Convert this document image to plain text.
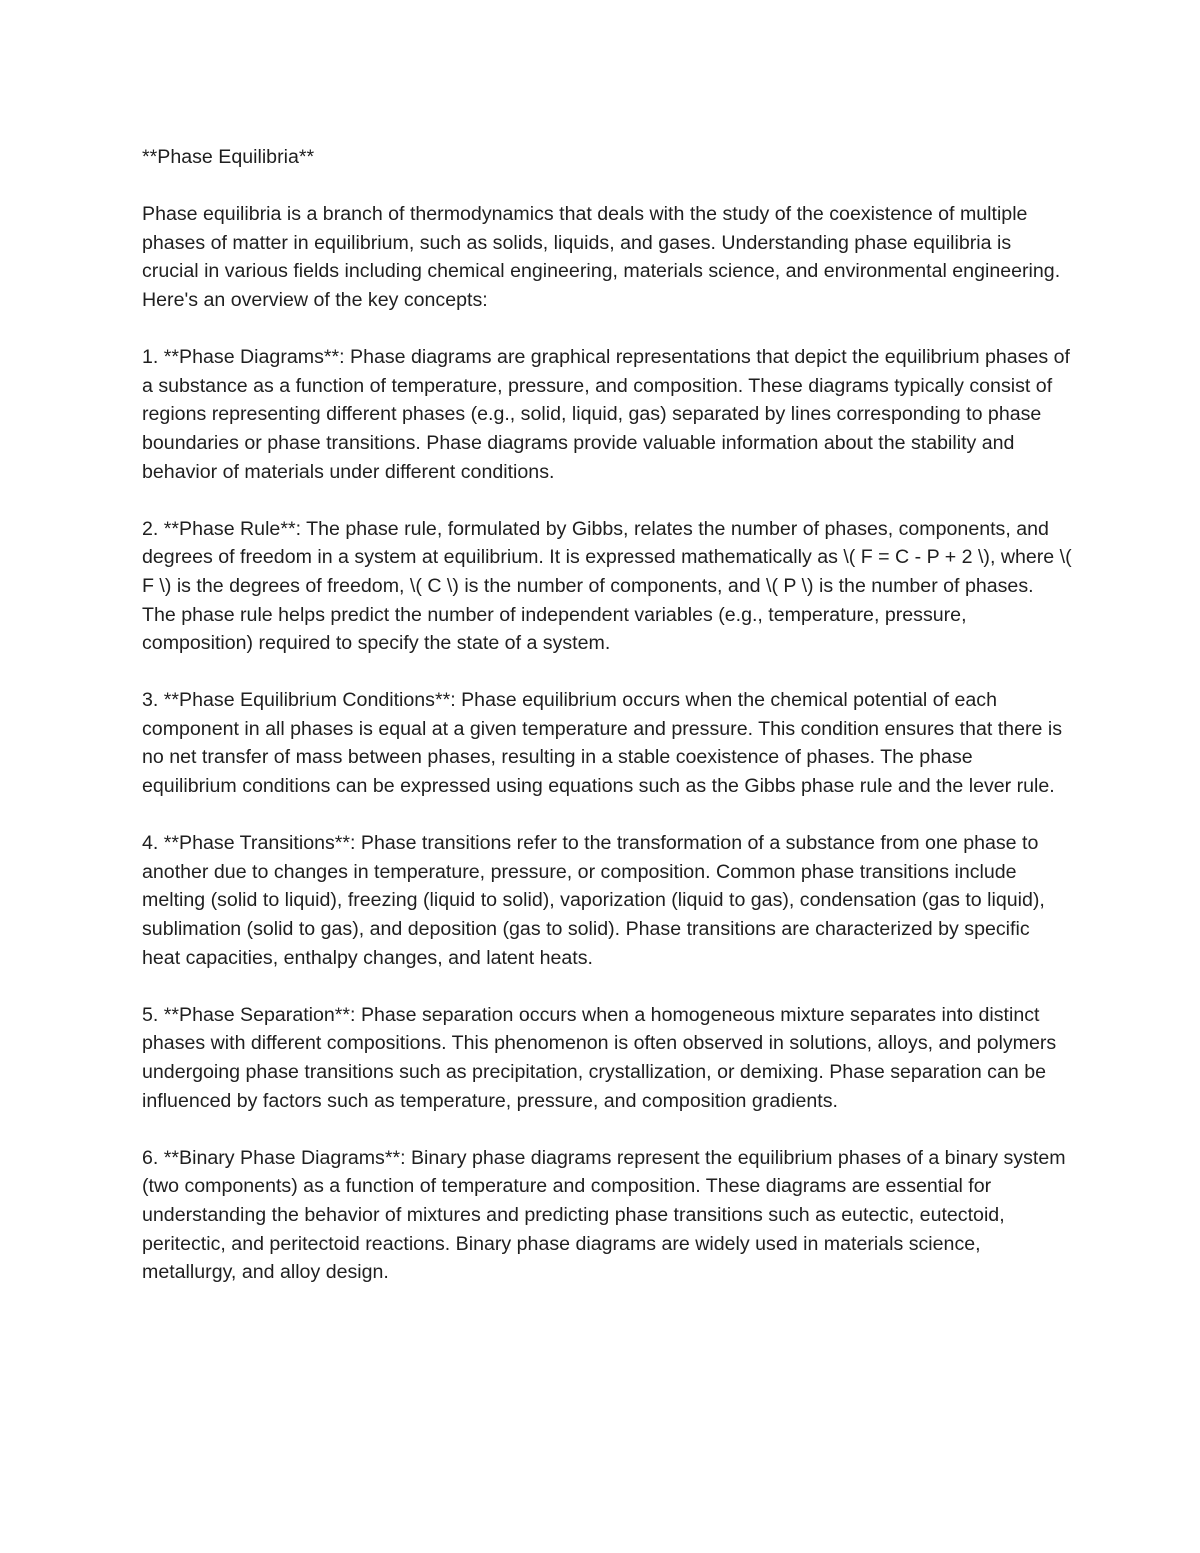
**Phase Equilibria**

Phase equilibria is a branch of thermodynamics that deals with the study of the coexistence of multiple phases of matter in equilibrium, such as solids, liquids, and gases. Understanding phase equilibria is crucial in various fields including chemical engineering, materials science, and environmental engineering. Here's an overview of the key concepts:

1. **Phase Diagrams**: Phase diagrams are graphical representations that depict the equilibrium phases of a substance as a function of temperature, pressure, and composition. These diagrams typically consist of regions representing different phases (e.g., solid, liquid, gas) separated by lines corresponding to phase boundaries or phase transitions. Phase diagrams provide valuable information about the stability and behavior of materials under different conditions.

2. **Phase Rule**: The phase rule, formulated by Gibbs, relates the number of phases, components, and degrees of freedom in a system at equilibrium. It is expressed mathematically as \( F = C - P + 2 \), where \( F \) is the degrees of freedom, \( C \) is the number of components, and \( P \) is the number of phases. The phase rule helps predict the number of independent variables (e.g., temperature, pressure, composition) required to specify the state of a system.

3. **Phase Equilibrium Conditions**: Phase equilibrium occurs when the chemical potential of each component in all phases is equal at a given temperature and pressure. This condition ensures that there is no net transfer of mass between phases, resulting in a stable coexistence of phases. The phase equilibrium conditions can be expressed using equations such as the Gibbs phase rule and the lever rule.

4. **Phase Transitions**: Phase transitions refer to the transformation of a substance from one phase to another due to changes in temperature, pressure, or composition. Common phase transitions include melting (solid to liquid), freezing (liquid to solid), vaporization (liquid to gas), condensation (gas to liquid), sublimation (solid to gas), and deposition (gas to solid). Phase transitions are characterized by specific heat capacities, enthalpy changes, and latent heats.

5. **Phase Separation**: Phase separation occurs when a homogeneous mixture separates into distinct phases with different compositions. This phenomenon is often observed in solutions, alloys, and polymers undergoing phase transitions such as precipitation, crystallization, or demixing. Phase separation can be influenced by factors such as temperature, pressure, and composition gradients.

6. **Binary Phase Diagrams**: Binary phase diagrams represent the equilibrium phases of a binary system (two components) as a function of temperature and composition. These diagrams are essential for understanding the behavior of mixtures and predicting phase transitions such as eutectic, eutectoid, peritectic, and peritectoid reactions. Binary phase diagrams are widely used in materials science, metallurgy, and alloy design.
